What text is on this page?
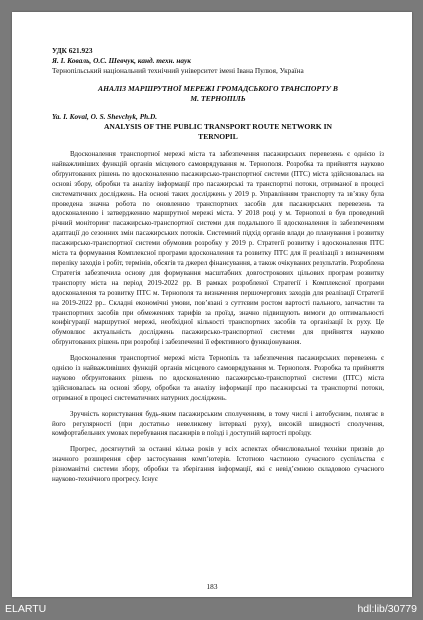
УДК 621.923
Я. І. Коваль, О.С. Шевчук, канд. техн. наук
Тернопільський національний технічний університет імені Івана Пулюя, Україна
АНАЛІЗ МАРШРУТНОЇ МЕРЕЖІ ГРОМАДСЬКОГО ТРАНСПОРТУ В
М. ТЕРНОПІЛЬ
Ya. I. Koval, O. S. Shevchyk, Ph.D.
ANALYSIS OF THE PUBLIC TRANSPORT ROUTE NETWORK IN
TERNOPIL

Вдосконалення транспортної мережі міста та забезпечення пасажирських перевезень є однією із найважливіших функцій органів місцевого самоврядування м. Тернополя. Розробка та прийняття науково обґрунтованих рішень по вдосконаленню пасажирсько-транспортної системи (ПТС) міста здійснювалась на основі збору, обробки та аналізу інформації про пасажирські та транспортні потоки, отриманої в процесі систематичних досліджень. На основі таких досліджень у 2019 р. Управлінням транспорту та зв’язку була проведена значна робота по оновленню транспортних засобів для пасажирських перевезень та вдосконаленню і затвердженню маршрутної мережі міста. У 2018 році у м. Тернополі в був проведений річний моніторинг пасажирсько-транспортної системи для подальшого її вдосконалення із забезпеченням адаптації до сезонних змін пасажирських потоків. Системний підхід органів влади до планування і розвитку пасажирсько-транспортної системи обумовив розробку у 2019 р. Стратегії розвитку і вдосконалення ПТС міста та формування Комплексної програми вдосконалення та розвитку ПТС для її реалізації з визначенням переліку заходів і робіт, термінів, обсягів та джерел фінансування, а також очікуваних результатів. Розроблена Стратегія забезпечила основу для формування масштабних довгострокових цільових програм розвитку транспорту міста на період 2019-2022 рр. В рамках розробленої Стратегії і Комплексної програми вдосконалення та розвитку ПТС м. Тернополя та визначення першочергових заходів для реалізації Стратегії на 2019-2022 рр.. Складні економічні умови, пов’язані з суттєвим ростом вартості пального, запчастин та транспортних засобів при обмеженнях тарифів за проїзд, значно підвищують вимоги до оптимальності конфігурації маршрутної мережі, необхідної кількості транспортних засобів та організації їх руху. Це обумовлює актуальність досліджень пасажирсько-транспортної системи для прийняття науково обґрунтованих рішень при розробці і забезпеченні її ефективного функціонування.

Вдосконалення транспортної мережі міста Тернопіль та забезпечення пасажирських перевезень є однією із найважливіших функцій органів місцевого самоврядування м. Тернополя. Розробка та прийняття науково обґрунтованих рішень по вдосконаленню пасажирсько-транспортної системи (ПТС) міста здійснювалась на основі збору, обробки та аналізу інформації про пасажирські та транспортні потоки, отриманої в процесі систематичних натурних досліджень.

Зручність користування будь-яким пасажирським сполученням, в тому числі і автобусним, полягає в його регулярності (при достатньо невеликому інтервалі руху), високій швидкості сполучення, комфортабельних умовах перебування пасажирів в поїзді і доступній вартості проїзду.

Прогрес, досягнутий за останні кілька років у всіх аспектах обчислювальної техніки призвів до значного розширення сфер застосування комп’ютерів. Істотною частиною сучасного суспільства є різноманітні системи збору, обробки та зберігання інформації, які є невід’ємною складовою сучасного науково-технічного прогресу. Існує

183
ELARTU	hdl:lib/30779
